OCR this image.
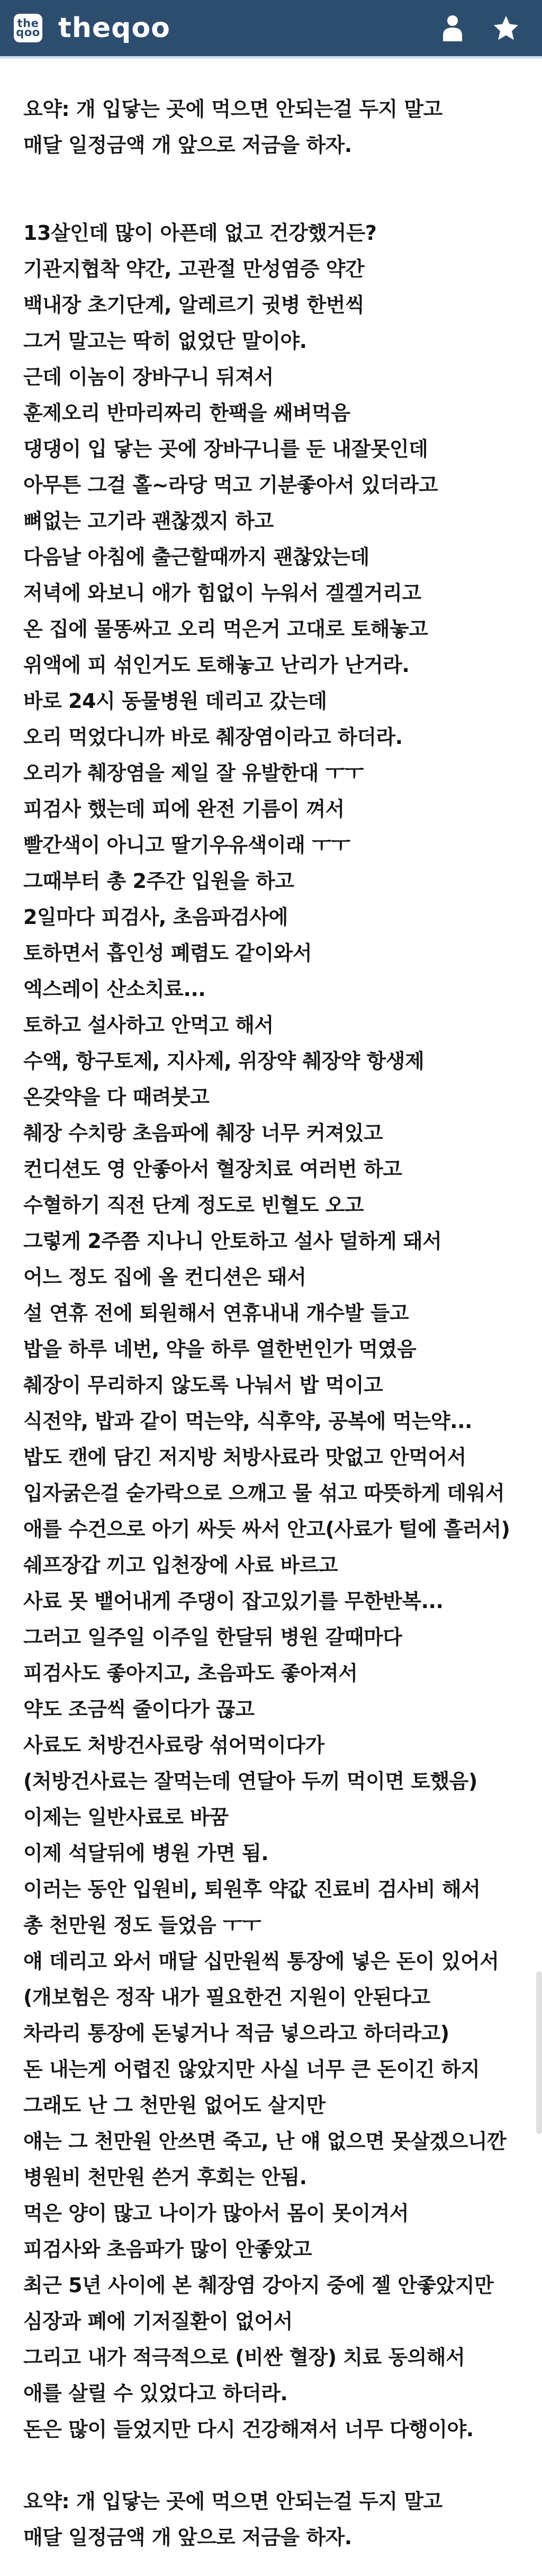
the
qoo theqoo
요약: 개 입닿는 곳에 먹으면 안되는걸 두지 말고
매달 일정금액 개 앞으로 저금을 하자.
13살인데 많이 아픈데 없고 건강했거든?
기관지협착 약간, 고관절 만성염증 약간
백내장 초기단계, 알레르기 귓병 한번씩
그거 말고는 딱히 없었단 말이야.
근데 이놈이 장바구니 뒤져서
훈제오리 반마리짜리 한팩을 쌔벼먹음
댕댕이 입 닿는 곳에 장바구니를 둔 내잘못인데
아무튼 그걸 홀~라당 먹고 기분좋아서 있더라고
뼈없는 고기라 괜찮겠지 하고
다음날 아침에 출근할때까지 괜찮았는데
저녁에 와보니 애가 힘없이 누워서 겔겔거리고
온 집에 물똥싸고 오리 먹은거 고대로 토해놓고
위액에 피 섞인거도 토해놓고 난리가 난거라.
바로 24시 동물병원 데리고 갔는데
오리 먹었다니까 바로 췌장염이라고 하더라.
오리가 췌장염을 제일 잘 유발한대 ㅜㅜ
피검사 했는데 피에 완전 기름이 껴서
빨간색이 아니고 딸기우유색이래 ㅜㅜ
그때부터 총 2주간 입원을 하고
2일마다 피검사, 초음파검사에
토하면서 흡인성 폐렴도 같이와서
엑스레이 산소치료...
토하고 설사하고 안먹고 해서
수액, 항구토제, 지사제, 위장약 췌장약 항생제
온갖약을 다 때려붓고
췌장 수치랑 초음파에 췌장 너무 커져있고
컨디션도 영 안좋아서 혈장치료 여러번 하고
수혈하기 직전 단계 정도로 빈혈도 오고
그렇게 2주쯤 지나니 안토하고 설사 덜하게 돼서
어느 정도 집에 올 컨디션은 돼서
설 연휴 전에 퇴원해서 연휴내내 개수발 들고
밥을 하루 네번, 약을 하루 열한번인가 먹였음
췌장이 무리하지 않도록 나눠서 밥 먹이고
식전약, 밥과 같이 먹는약, 식후약, 공복에 먹는약...
밥도 캔에 담긴 저지방 처방사료라 맛없고 안먹어서
입자굵은걸 숟가락으로 으깨고 물 섞고 따뜻하게 데워서
애를 수건으로 아기 싸듯 싸서 안고(사료가 털에 흘러서)
쉐프장갑 끼고 입천장에 사료 바르고
사료 못 뱉어내게 주댕이 잡고있기를 무한반복...
그러고 일주일 이주일 한달뒤 병원 갈때마다
피검사도 좋아지고, 초음파도 좋아져서
약도 조금씩 줄이다가 끊고
사료도 처방건사료랑 섞어먹이다가
(처방건사료는 잘먹는데 연달아 두끼 먹이면 토했음)
이제는 일반사료로 바꿈
이제 석달뒤에 병원 가면 됨.
이러는 동안 입원비, 퇴원후 약값 진료비 검사비 해서
총 천만원 정도 들었음 ㅜㅜ
얘 데리고 와서 매달 십만원씩 통장에 넣은 돈이 있어서
(개보험은 정작 내가 필요한건 지원이 안된다고
차라리 통장에 돈넣거나 적금 넣으라고 하더라고)
돈 내는게 어렵진 않았지만 사실 너무 큰 돈이긴 하지
그래도 난 그 천만원 없어도 살지만
얘는 그 천만원 안쓰면 죽고, 난 얘 없으면 못살겠으니깐
병원비 천만원 쓴거 후회는 안됨.
먹은 양이 많고 나이가 많아서 몸이 못이겨서
피검사와 초음파가 많이 안좋았고
최근 5년 사이에 본 췌장염 강아지 중에 젤 안좋았지만
심장과 폐에 기저질환이 없어서
그리고 내가 적극적으로 (비싼 혈장) 치료 동의해서
애를 살릴 수 있었다고 하더라.
돈은 많이 들었지만 다시 건강해져서 너무 다행이야.
요약: 개 입닿는 곳에 먹으면 안되는걸 두지 말고
매달 일정금액 개 앞으로 저금을 하자.
